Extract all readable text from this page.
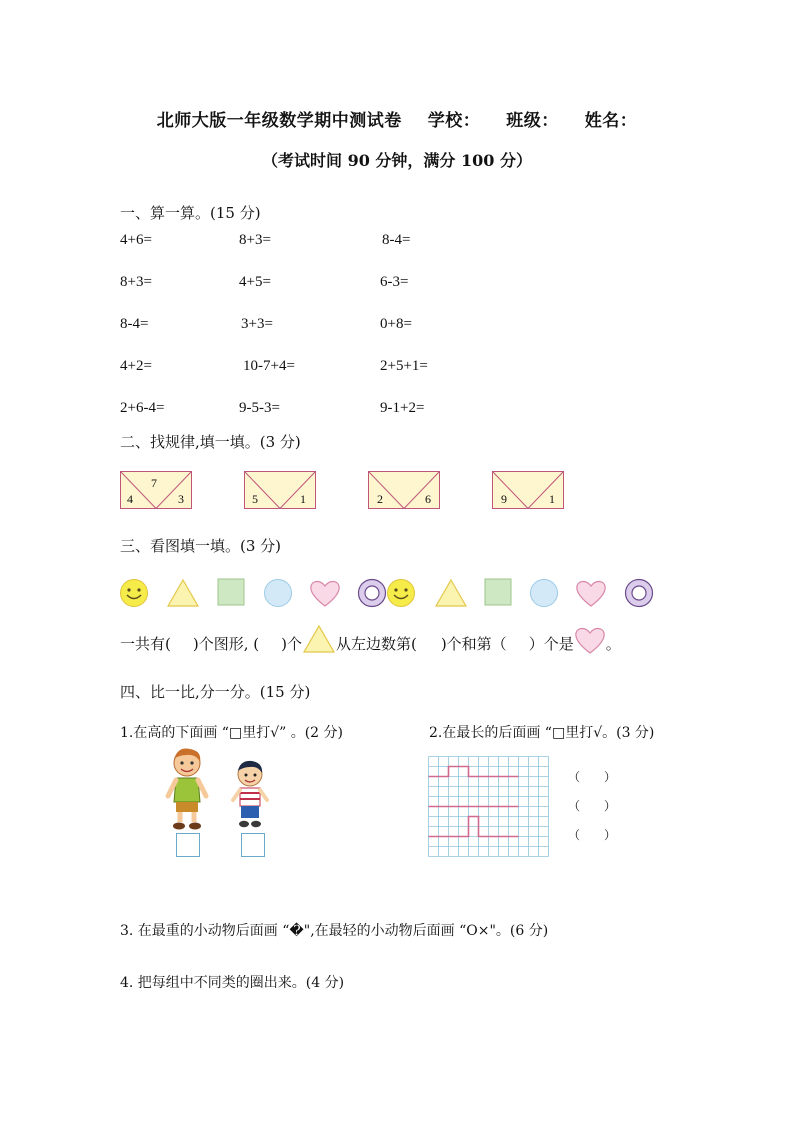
北师大版一年级数学期中测试卷 学校： 班级： 姓名：
（考试时间 90 分钟，满分 100 分）
一、算一算。(15 分)
4+6=	8+3=	8-4=
8+3=	4+5=	6-3=
8-4=	3+3=	0+8=
4+2=	10-7+4=	2+5+1=
2+6-4=	9-5-3=	9-1+2=
二、找规律,填一填。(3 分)
7
4	3	5	1	2	6	9	1
三、看图填一填。(3 分)
一共有( )个图形, ( )个 从左边数第( )个和第（ ）个是 。
四、比一比,分一分。(15 分)
1.在高的下面画 “□里打√” 。(2 分)	2.在最长的后面画 “□里打√。(3 分)
（　　）
（　　）
（　　）
3. 在最重的小动物后面画 “�",在最轻的小动物后面画 “O×"。(6 分)
4. 把每组中不同类的圈出来。(4 分)
